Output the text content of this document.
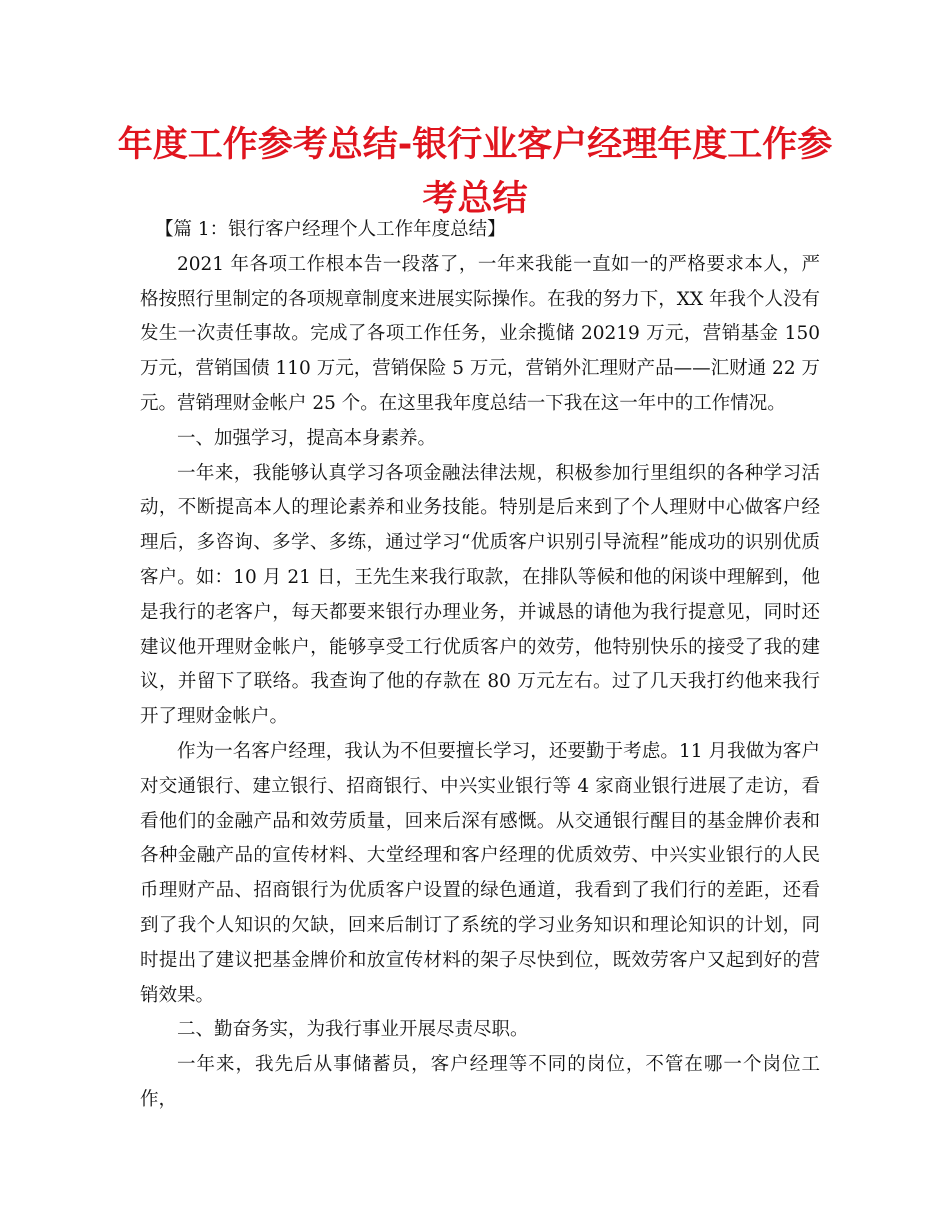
年度工作参考总结-银行业客户经理年度工作参考总结

【篇 1：银行客户经理个人工作年度总结】

2021 年各项工作根本告一段落了，一年来我能一直如一的严格要求本人，严格按照行里制定的各项规章制度来进展实际操作。在我的努力下，XX 年我个人没有发生一次责任事故。完成了各项工作任务，业余揽储 20219 万元，营销基金 150 万元，营销国债 110 万元，营销保险 5 万元，营销外汇理财产品——汇财通 22 万元。营销理财金帐户 25 个。在这里我年度总结一下我在这一年中的工作情况。

一、加强学习，提高本身素养。

一年来，我能够认真学习各项金融法律法规，积极参加行里组织的各种学习活动，不断提高本人的理论素养和业务技能。特别是后来到了个人理财中心做客户经理后，多咨询、多学、多练，通过学习“优质客户识别引导流程”能成功的识别优质客户。如：10 月 21 日，王先生来我行取款，在排队等候和他的闲谈中理解到，他是我行的老客户，每天都要来银行办理业务，并诚恳的请他为我行提意见，同时还建议他开理财金帐户，能够享受工行优质客户的效劳，他特别快乐的接受了我的建议，并留下了联络。我查询了他的存款在 80 万元左右。过了几天我打约他来我行开了理财金帐户。

作为一名客户经理，我认为不但要擅长学习，还要勤于考虑。11 月我做为客户对交通银行、建立银行、招商银行、中兴实业银行等 4 家商业银行进展了走访，看看他们的金融产品和效劳质量，回来后深有感慨。从交通银行醒目的基金牌价表和各种金融产品的宣传材料、大堂经理和客户经理的优质效劳、中兴实业银行的人民币理财产品、招商银行为优质客户设置的绿色通道，我看到了我们行的差距，还看到了我个人知识的欠缺，回来后制订了系统的学习业务知识和理论知识的计划，同时提出了建议把基金牌价和放宣传材料的架子尽快到位，既效劳客户又起到好的营销效果。

二、勤奋务实，为我行事业开展尽责尽职。

一年来，我先后从事储蓄员，客户经理等不同的岗位，不管在哪一个岗位工作，
